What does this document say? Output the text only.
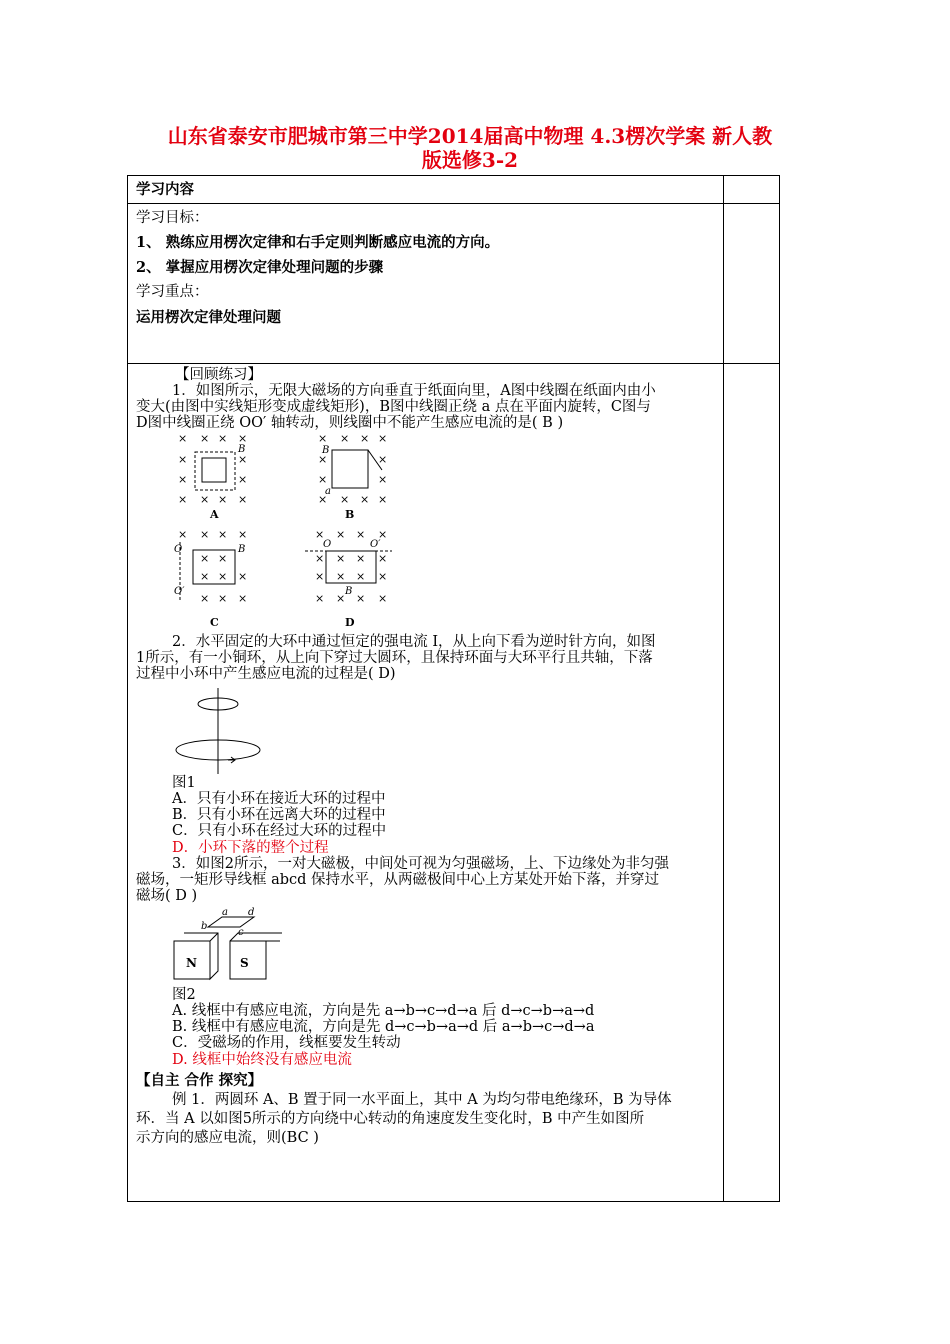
山东省泰安市肥城市第三中学2014届高中物理 4.3楞次学案 新人教
版选修3-2
学习内容
学习目标：
1、 熟练应用楞次定律和右手定则判断感应电流的方向。
2、 掌握应用楞次定律处理问题的步骤
学习重点：
运用楞次定律处理问题
【回顾练习】
1．如图所示，无限大磁场的方向垂直于纸面向里，A图中线圈在纸面内由小
变大(由图中实线矩形变成虚线矩形)，B图中线圈正绕 a 点在平面内旋转，C图与
D图中线圈正绕 OO′ 轴转动，则线圈中不能产生感应电流的是( B )
× × × ×
×	×
×	×
× × × ×
B
A
× × × ×
×	×
×	×
× × × ×
B
a
B
× × × ×
× ×
× × ×
× × ×
O
O′
B
C
× × × ×
× × × ×
× × × ×
× × × ×
O	O′
B
D
2．水平固定的大环中通过恒定的强电流 I，从上向下看为逆时针方向，如图
1所示，有一小铜环，从上向下穿过大圆环，且保持环面与大环平行且共轴，下落
过程中小环中产生感应电流的过程是( D)
图1
A．只有小环在接近大环的过程中
B．只有小环在远离大环的过程中
C．只有小环在经过大环的过程中
D．小环下落的整个过程
3．如图2所示，一对大磁极，中间处可视为匀强磁场，上、下边缘处为非匀强
磁场，一矩形导线框 abcd 保持水平，从两磁极间中心上方某处开始下落，并穿过
磁场( D )
a d
b
c
N	S
图2
A. 线框中有感应电流，方向是先 a→b→c→d→a 后 d→c→b→a→d
B. 线框中有感应电流，方向是先 d→c→b→a→d 后 a→b→c→d→a
C．受磁场的作用，线框要发生转动
D. 线框中始终没有感应电流
【自主 合作 探究】
例 1．两圆环 A、B 置于同一水平面上，其中 A 为均匀带电绝缘环，B 为导体
环．当 A 以如图5所示的方向绕中心转动的角速度发生变化时，B 中产生如图所
示方向的感应电流，则(BC )
